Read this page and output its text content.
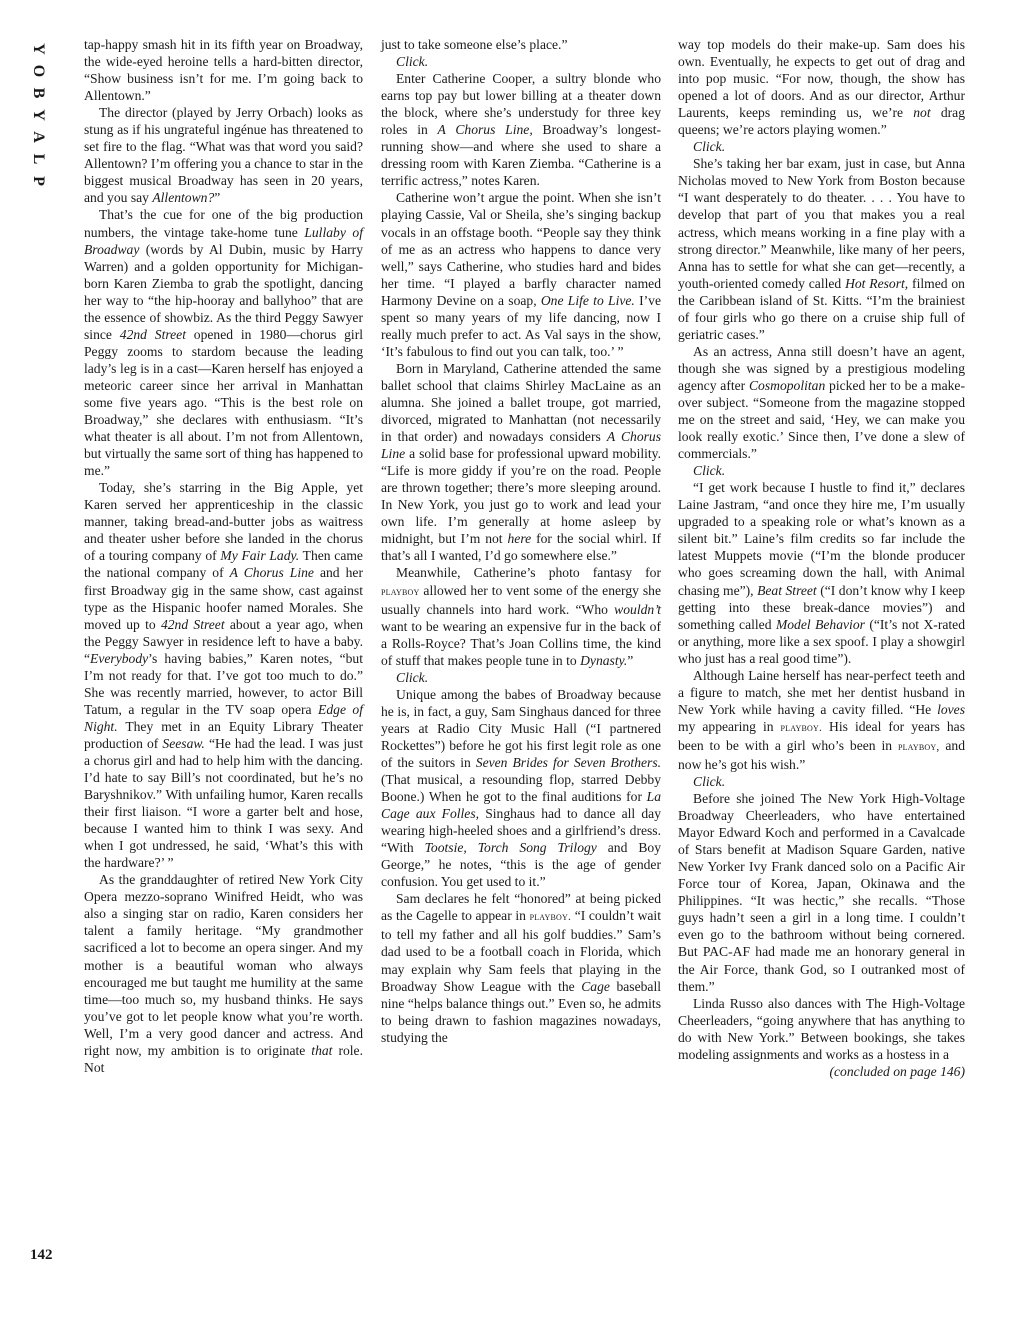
Y
O
B
Y
A
L
P
142

tap-happy smash hit in its fifth year on Broadway, the wide-eyed heroine tells a hard-bitten director, “Show business isn’t for me. I’m going back to Allentown.”

The director (played by Jerry Orbach) looks as stung as if his ungrateful ingénue has threatened to set fire to the flag. “What was that word you said? Allentown? I’m offering you a chance to star in the biggest musical Broadway has seen in 20 years, and you say Allentown?”

That’s the cue for one of the big production numbers, the vintage take-home tune Lullaby of Broadway (words by Al Dubin, music by Harry Warren) and a golden opportunity for Michigan-born Karen Ziemba to grab the spotlight, dancing her way to “the hip-hooray and ballyhoo” that are the essence of showbiz. As the third Peggy Sawyer since 42nd Street opened in 1980—chorus girl Peggy zooms to stardom because the leading lady’s leg is in a cast—Karen herself has enjoyed a meteoric career since her arrival in Manhattan some five years ago. “This is the best role on Broadway,” she declares with enthusiasm. “It’s what theater is all about. I’m not from Allentown, but virtually the same sort of thing has happened to me.”

Today, she’s starring in the Big Apple, yet Karen served her apprenticeship in the classic manner, taking bread-and-butter jobs as waitress and theater usher before she landed in the chorus of a touring company of My Fair Lady. Then came the national company of A Chorus Line and her first Broadway gig in the same show, cast against type as the Hispanic hoofer named Morales. She moved up to 42nd Street about a year ago, when the Peggy Sawyer in residence left to have a baby. “Everybody’s having babies,” Karen notes, “but I’m not ready for that. I’ve got too much to do.” She was recently married, however, to actor Bill Tatum, a regular in the TV soap opera Edge of Night. They met in an Equity Library Theater production of Seesaw. “He had the lead. I was just a chorus girl and had to help him with the dancing. I’d hate to say Bill’s not coordinated, but he’s no Baryshnikov.” With unfailing humor, Karen recalls their first liaison. “I wore a garter belt and hose, because I wanted him to think I was sexy. And when I got undressed, he said, ‘What’s this with the hardware?’ ”

As the granddaughter of retired New York City Opera mezzo-soprano Winifred Heidt, who was also a singing star on radio, Karen considers her talent a family heritage. “My grandmother sacrificed a lot to become an opera singer. And my mother is a beautiful woman who always encouraged me but taught me humility at the same time—too much so, my husband thinks. He says you’ve got to let people know what you’re worth. Well, I’m a very good dancer and actress. And right now, my ambition is to originate that role. Not

just to take someone else’s place.”

Click.

Enter Catherine Cooper, a sultry blonde who earns top pay but lower billing at a theater down the block, where she’s understudy for three key roles in A Chorus Line, Broadway’s longest-running show—and where she used to share a dressing room with Karen Ziemba. “Catherine is a terrific actress,” notes Karen.

Catherine won’t argue the point. When she isn’t playing Cassie, Val or Sheila, she’s singing backup vocals in an offstage booth. “People say they think of me as an actress who happens to dance very well,” says Catherine, who studies hard and bides her time. “I played a barfly character named Harmony Devine on a soap, One Life to Live. I’ve spent so many years of my life dancing, now I really much prefer to act. As Val says in the show, ‘It’s fabulous to find out you can talk, too.’ ”

Born in Maryland, Catherine attended the same ballet school that claims Shirley MacLaine as an alumna. She joined a ballet troupe, got married, divorced, migrated to Manhattan (not necessarily in that order) and nowadays considers A Chorus Line a solid base for professional upward mobility. “Life is more giddy if you’re on the road. People are thrown together; there’s more sleeping around. In New York, you just go to work and lead your own life. I’m generally at home asleep by midnight, but I’m not here for the social whirl. If that’s all I wanted, I’d go somewhere else.”

Meanwhile, Catherine’s photo fantasy for playboy allowed her to vent some of the energy she usually channels into hard work. “Who wouldn’t want to be wearing an expensive fur in the back of a Rolls-Royce? That’s Joan Collins time, the kind of stuff that makes people tune in to Dynasty.”

Click.

Unique among the babes of Broadway because he is, in fact, a guy, Sam Singhaus danced for three years at Radio City Music Hall (“I partnered Rockettes”) before he got his first legit role as one of the suitors in Seven Brides for Seven Brothers. (That musical, a resounding flop, starred Debby Boone.) When he got to the final auditions for La Cage aux Folles, Singhaus had to dance all day wearing high-heeled shoes and a girlfriend’s dress. “With Tootsie, Torch Song Trilogy and Boy George,” he notes, “this is the age of gender confusion. You get used to it.”

Sam declares he felt “honored” at being picked as the Cagelle to appear in playboy. “I couldn’t wait to tell my father and all his golf buddies.” Sam’s dad used to be a football coach in Florida, which may explain why Sam feels that playing in the Broadway Show League with the Cage baseball nine “helps balance things out.” Even so, he admits to being drawn to fashion magazines nowadays, studying the

way top models do their make-up. Sam does his own. Eventually, he expects to get out of drag and into pop music. “For now, though, the show has opened a lot of doors. And as our director, Arthur Laurents, keeps reminding us, we’re not drag queens; we’re actors playing women.”

Click.

She’s taking her bar exam, just in case, but Anna Nicholas moved to New York from Boston because “I want desperately to do theater. . . . You have to develop that part of you that makes you a real actress, which means working in a fine play with a strong director.” Meanwhile, like many of her peers, Anna has to settle for what she can get—recently, a youth-oriented comedy called Hot Resort, filmed on the Caribbean island of St. Kitts. “I’m the brainiest of four girls who go there on a cruise ship full of geriatric cases.”

As an actress, Anna still doesn’t have an agent, though she was signed by a prestigious modeling agency after Cosmopolitan picked her to be a make-over subject. “Someone from the magazine stopped me on the street and said, ‘Hey, we can make you look really exotic.’ Since then, I’ve done a slew of commercials.”

Click.

“I get work because I hustle to find it,” declares Laine Jastram, “and once they hire me, I’m usually upgraded to a speaking role or what’s known as a silent bit.” Laine’s film credits so far include the latest Muppets movie (“I’m the blonde producer who goes screaming down the hall, with Animal chasing me”), Beat Street (“I don’t know why I keep getting into these break-dance movies”) and something called Model Behavior (“It’s not X-rated or anything, more like a sex spoof. I play a showgirl who just has a real good time”).

Although Laine herself has near-perfect teeth and a figure to match, she met her dentist husband in New York while having a cavity filled. “He loves my appearing in playboy. His ideal for years has been to be with a girl who’s been in playboy, and now he’s got his wish.”

Click.

Before she joined The New York High-Voltage Broadway Cheerleaders, who have entertained Mayor Edward Koch and performed in a Cavalcade of Stars benefit at Madison Square Garden, native New Yorker Ivy Frank danced solo on a Pacific Air Force tour of Korea, Japan, Okinawa and the Philippines. “It was hectic,” she recalls. “Those guys hadn’t seen a girl in a long time. I couldn’t even go to the bathroom without being cornered. But PAC-AF had made me an honorary general in the Air Force, thank God, so I outranked most of them.”

Linda Russo also dances with The High-Voltage Cheerleaders, “going anywhere that has anything to do with New York.” Between bookings, she takes modeling assignments and works as a hostess in a

(concluded on page 146)
